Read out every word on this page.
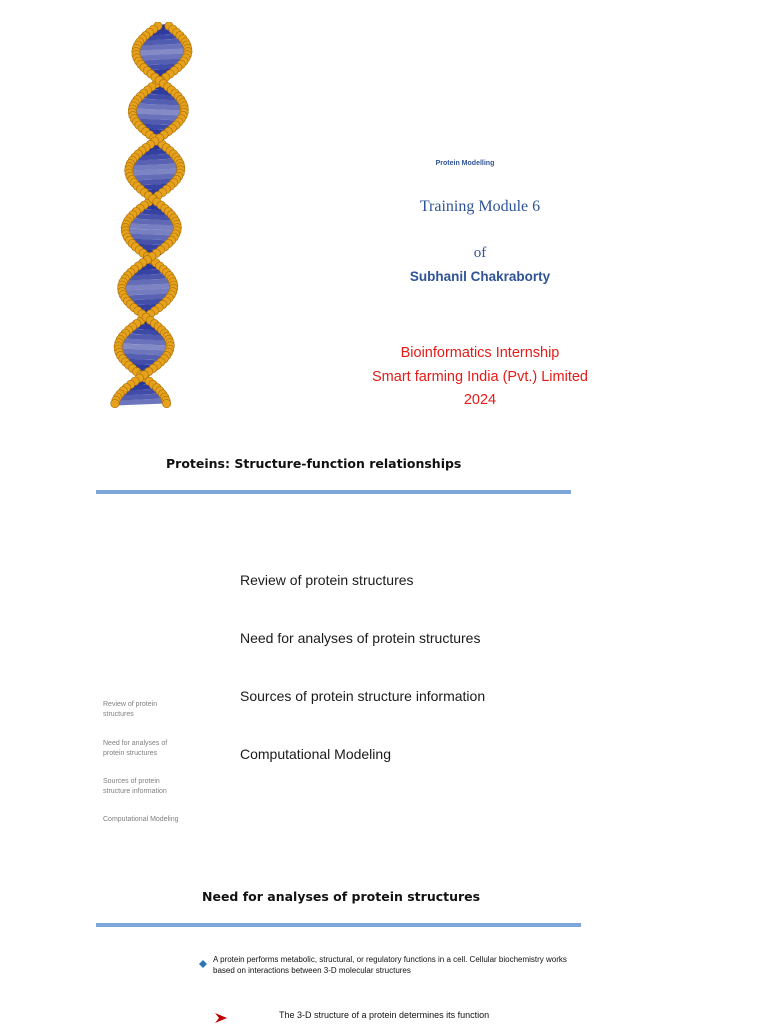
Protein Modelling
Training Module 6
of
Subhanil Chakraborty
Bioinformatics Internship
Smart farming India (Pvt.) Limited
2024
Proteins: Structure-function relationships
Review of protein structures
Need for analyses of protein structures
Sources of protein structure information
Computational Modeling
Review of protein structures
Need for analyses of protein structures
Sources of protein structure information
Computational Modeling
Need for analyses of protein structures
A protein performs metabolic, structural, or regulatory functions in a cell. Cellular biochemistry works based on interactions between 3-D molecular structures
The 3-D structure of a protein determines its function
